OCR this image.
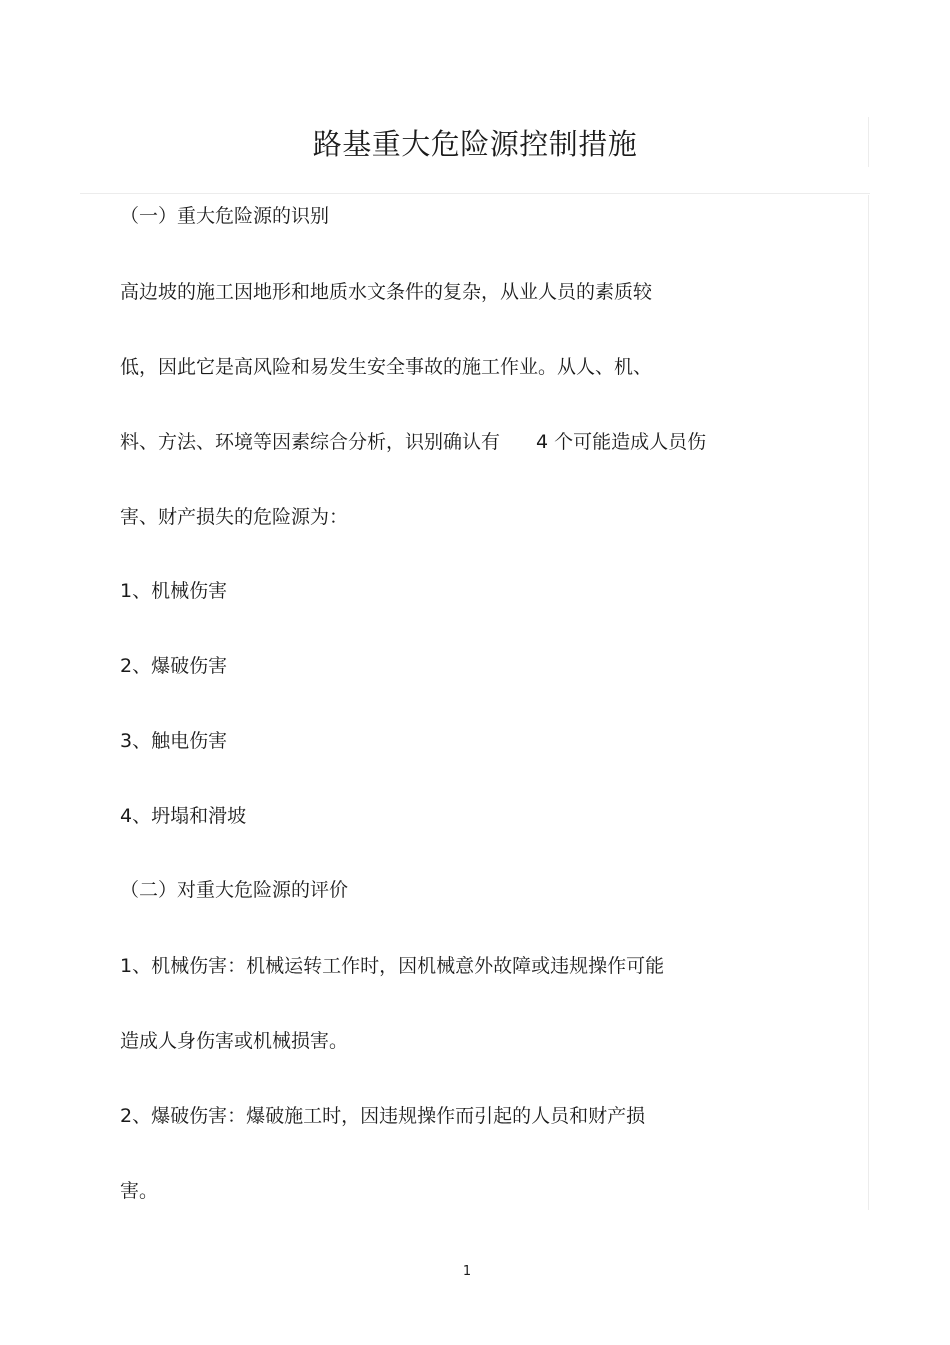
路基重大危险源控制措施

（一）重大危险源的识别

高边坡的施工因地形和地质水文条件的复杂，从业人员的素质较

低，因此它是高风险和易发生安全事故的施工作业。从人、机、

料、方法、环境等因素综合分析，识别确认有 4 个可能造成人员伤

害、财产损失的危险源为：

1、机械伤害

2、爆破伤害

3、触电伤害

4、坍塌和滑坡

（二）对重大危险源的评价

1、机械伤害：机械运转工作时，因机械意外故障或违规操作可能

造成人身伤害或机械损害。

2、爆破伤害：爆破施工时，因违规操作而引起的人员和财产损

害。

1
